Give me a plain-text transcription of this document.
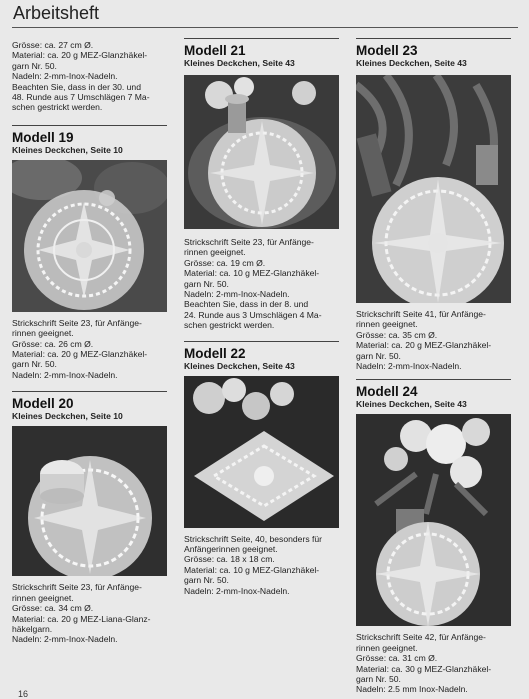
Arbeitsheft
Grösse: ca. 27 cm Ø.
Material: ca. 20 g MEZ-Glanzhäkel-
garn Nr. 50.
Nadeln: 2-mm-Inox-Nadeln.
Beachten Sie, dass in der 30. und
48. Runde aus 7 Umschlägen 7 Ma-
schen gestrickt werden.
Modell 19
Kleines Deckchen, Seite 10
Strickschrift Seite 23, für Anfänge-
rinnen geeignet.
Grösse: ca. 26 cm Ø.
Material: ca. 20 g MEZ-Glanzhäkel-
garn Nr. 50.
Nadeln: 2-mm-Inox-Nadeln.
Modell 20
Kleines Deckchen, Seite 10
Strickschrift Seite 23, für Anfänge-
rinnen geeignet.
Grösse: ca. 34 cm Ø.
Material: ca. 20 g MEZ-Liana-Glanz-
häkelgarn.
Nadeln: 2-mm-Inox-Nadeln.
Modell 21
Kleines Deckchen, Seite 43
Strickschrift Seite 23, für Anfänge-
rinnen geeignet.
Grösse: ca. 19 cm Ø.
Material: ca. 10 g MEZ-Glanzhäkel-
garn Nr. 50.
Nadeln: 2-mm-Inox-Nadeln.
Beachten Sie, dass in der 8. und
24. Runde aus 3 Umschlägen 4 Ma-
schen gestrickt werden.
Modell 22
Kleines Deckchen, Seite 43
Strickschrift Seite, 40, besonders für
Anfängerinnen geeignet.
Grösse: ca. 18 x 18 cm.
Material: ca. 10 g MEZ-Glanzhäkel-
garn Nr. 50.
Nadeln: 2-mm-Inox-Nadeln.
Modell 23
Kleines Deckchen, Seite 43
Strickschrift Seite 41, für Anfänge-
rinnen geeignet.
Grösse: ca. 35 cm Ø.
Material: ca. 20 g MEZ-Glanzhäkel-
garn Nr. 50.
Nadeln: 2-mm-Inox-Nadeln.
Modell 24
Kleines Deckchen, Seite 43
Strickschrift Seite 42, für Anfänge-
rinnen geeignet.
Grösse: ca. 31 cm Ø.
Material: ca. 30 g MEZ-Glanzhäkel-
garn Nr. 50.
Nadeln: 2.5 mm Inox-Nadeln.
16
